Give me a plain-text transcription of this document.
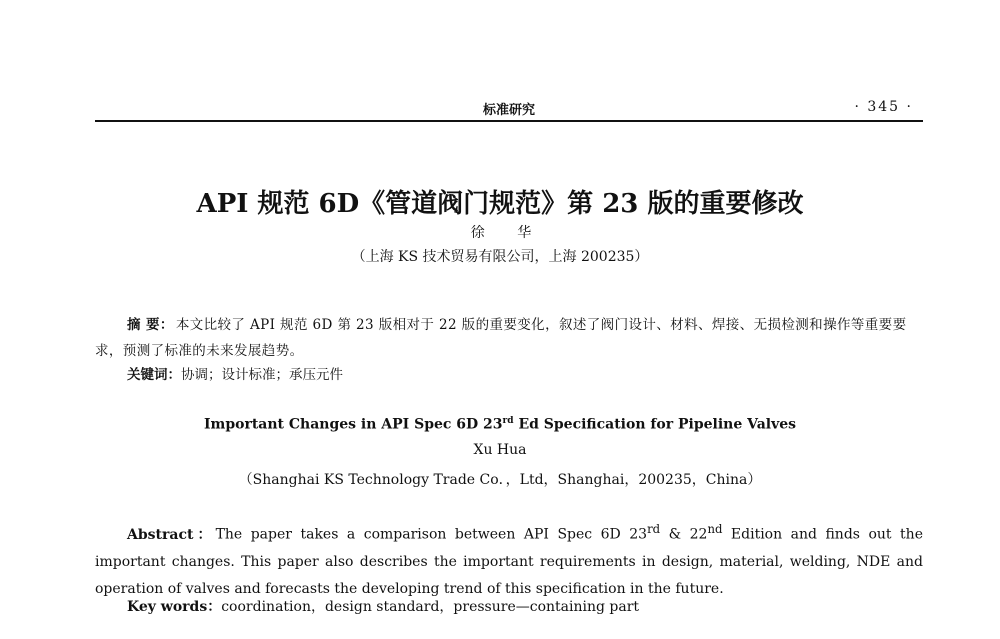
标准研究	· 345 ·
API 规范 6D《管道阀门规范》第 23 版的重要修改
徐 华
（上海 KS 技术贸易有限公司，上海 200235）
摘 要： 本文比较了 API 规范 6D 第 23 版相对于 22 版的重要变化，叙述了阀门设计、材料、焊接、无损检测和操作等重要要求，预测了标准的未来发展趋势。
关键词：协调；设计标准；承压元件
Important Changes in API Spec 6D 23rd Ed Specification for Pipeline Valves
Xu Hua
（Shanghai KS Technology Trade Co．，Ltd，Shanghai，200235，China）
Abstract：The paper takes a comparison between API Spec 6D 23rd & 22nd Edition and finds out the important changes. This paper also describes the important requirements in design, material, welding, NDE and operation of valves and forecasts the developing trend of this specification in the future.
Key words：coordination，design standard，pressure—containing part
